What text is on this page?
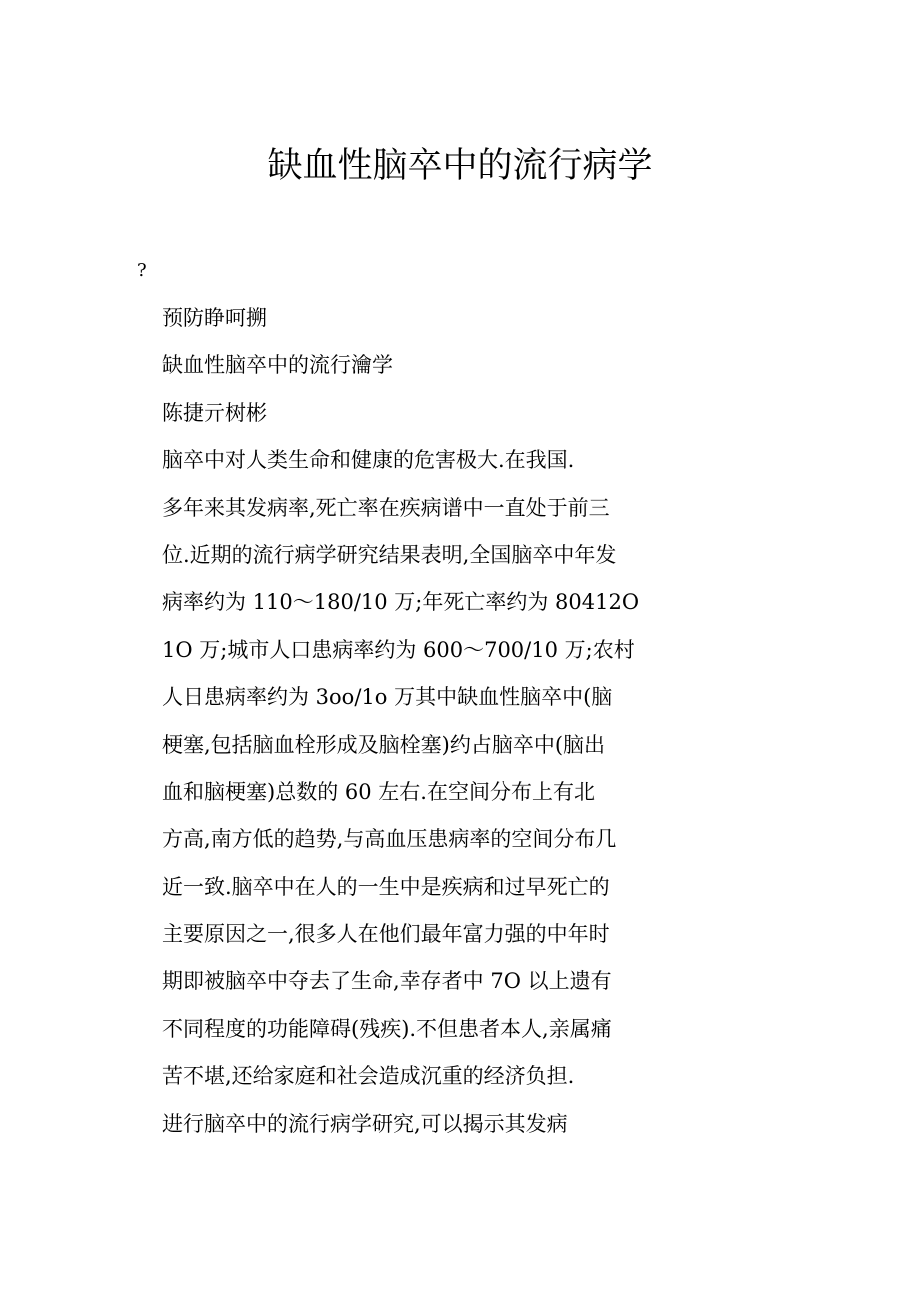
缺血性脑卒中的流行病学
?
预防睁呵搠
缺血性脑卒中的流行瀹学
陈捷亓树彬
脑卒中对人类生命和健康的危害极大.在我国.
多年来其发病率,死亡率在疾病谱中一直处于前三
位.近期的流行病学研究结果表明,全国脑卒中年发
病率约为 110～180/10 万;年死亡率约为 80412O
1O 万;城市人口患病率约为 600～700/10 万;农村
人日患病率约为 3oo/1o 万其中缺血性脑卒中(脑
梗塞,包括脑血栓形成及脑栓塞)约占脑卒中(脑出
血和脑梗塞)总数的 60 左右.在空间分布上有北
方高,南方低的趋势,与高血压患病率的空间分布几
近一致.脑卒中在人的一生中是疾病和过早死亡的
主要原因之一,很多人在他们最年富力强的中年时
期即被脑卒中夺去了生命,幸存者中 7O 以上遗有
不同程度的功能障碍(残疾).不但患者本人,亲属痛
苦不堪,还给家庭和社会造成沉重的经济负担.
进行脑卒中的流行病学研究,可以揭示其发病
